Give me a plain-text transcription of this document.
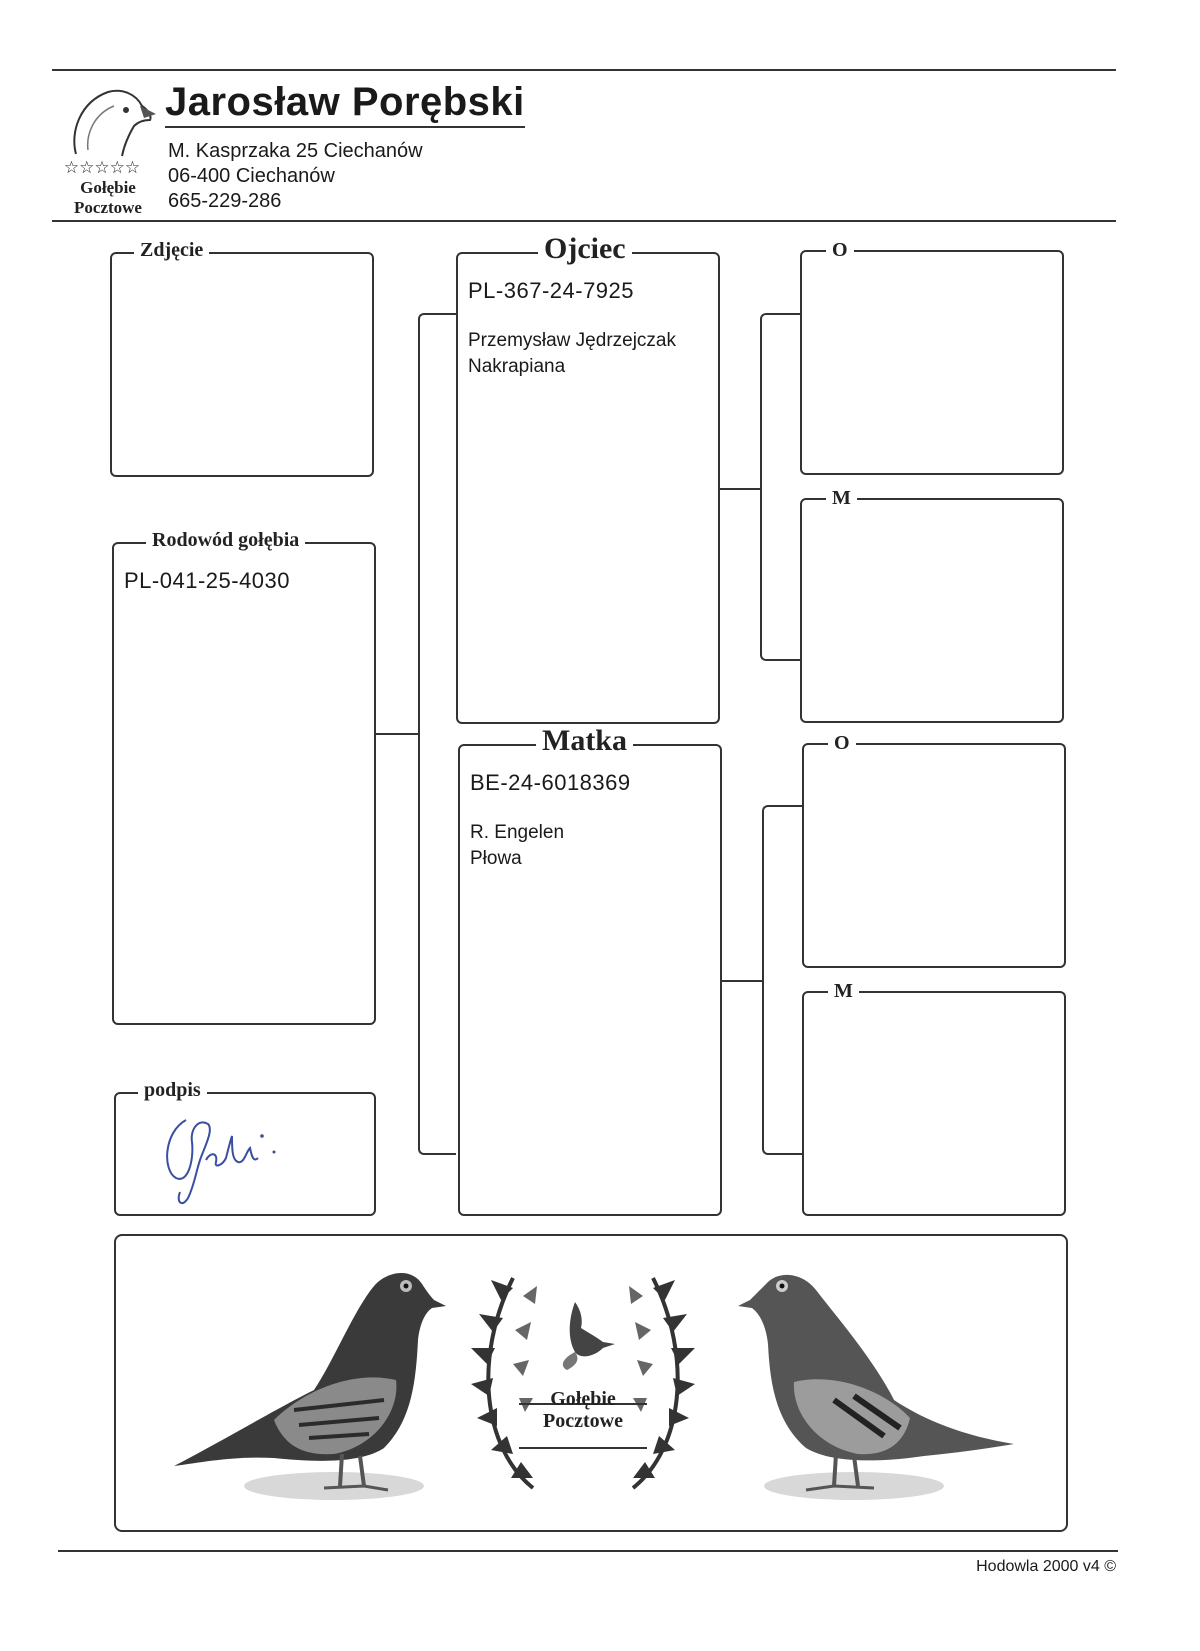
☆☆☆☆☆
Gołębie
Pocztowe
Jarosław Porębski
M. Kasprzaka 25 Ciechanów
06-400 Ciechanów
665-229-286
Zdjęcie
Rodowód gołębia
PL-041-25-4030
podpis
Ojciec
PL-367-24-7925
Przemysław Jędrzejczak
Nakrapiana
Matka
BE-24-6018369
R. Engelen
Płowa
O
M
O
M
Gołębie
Pocztowe
Hodowla 2000 v4 ©
